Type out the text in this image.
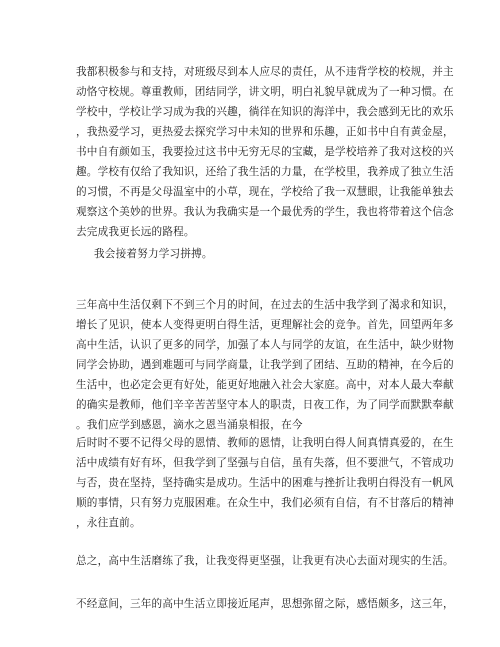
我都积极参与和支持，对班级尽到本人应尽的责任，从不违背学校的校规，并主
动恪守校规。尊重教师，团结同学，讲文明，明白礼貌早就成为了一种习惯。在
学校中，学校让学习成为我的兴趣，徜徉在知识的海洋中，我会感到无比的欢乐
，我热爱学习，更热爱去探究学习中未知的世界和乐趣，正如书中自有黄金屋，
书中自有颜如玉，我要捡过这书中无穷无尽的宝藏，是学校培养了我对这校的兴
趣。学校有仅给了我知识，还给了我生活的力量，在学校里，我养成了独立生活
的习惯，不再是父母温室中的小草，现在，学校给了我一双慧眼，让我能单独去
观察这个美妙的世界。我认为我确实是一个最优秀的学生，我也将带着这个信念
去完成我更长远的路程。
我会接着努力学习拼搏。
三年高中生活仅剩下不到三个月的时间，在过去的生活中我学到了渴求和知识，
增长了见识，使本人变得更明白得生活，更理解社会的竞争。首先，回望两年多
高中生活，认识了更多的同学，加强了本人与同学的友谊，在生活中，缺少财物
同学会协助，遇到难题可与同学商量，让我学到了团结、互助的精神，在今后的
生活中，也必定会更有好处，能更好地融入社会大家庭。高中，对本人最大奉献
的确实是教师，他们辛辛苦苦坚守本人的职责，日夜工作，为了同学而默默奉献
。我们应学到感恩，滴水之恩当涌泉相报，在今
后时时不要不记得父母的恩情、教师的恩情，让我明白得人间真情真爱的，在生
活中成绩有好有坏，但我学到了坚强与自信，虽有失落，但不要泄气，不管成功
与否，贵在坚持，坚持确实是成功。生活中的困难与挫折让我明白得没有一帆风
顺的事情，只有努力克服困难。在众生中，我们必须有自信，有不甘落后的精神
，永往直前。
总之，高中生活磨练了我，让我变得更坚强，让我更有决心去面对现实的生活。
不经意间，三年的高中生活立即接近尾声，思想弥留之际，感悟颇多，这三年，
